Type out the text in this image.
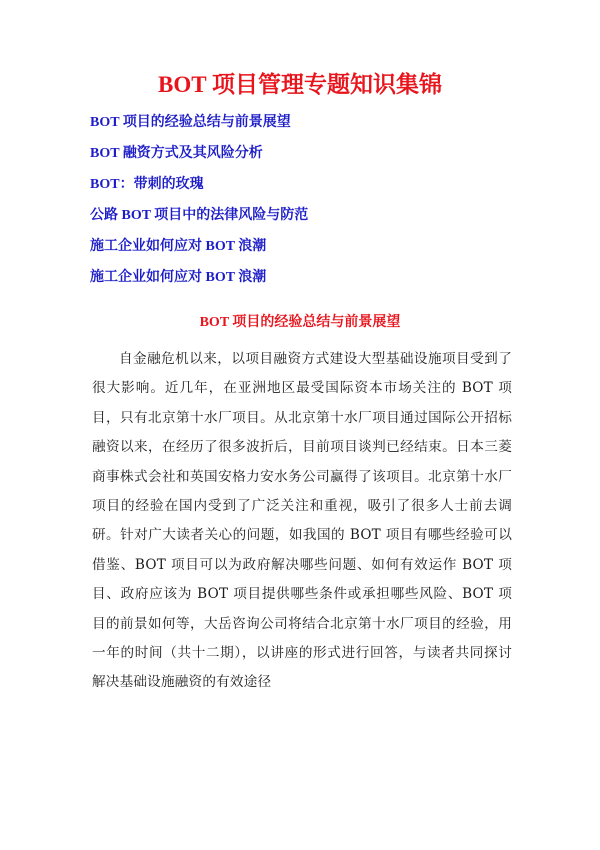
BOT 项目管理专题知识集锦
BOT 项目的经验总结与前景展望
BOT 融资方式及其风险分析
BOT：带刺的玫瑰
公路 BOT 项目中的法律风险与防范
施工企业如何应对 BOT 浪潮
施工企业如何应对 BOT 浪潮
BOT 项目的经验总结与前景展望

自金融危机以来，以项目融资方式建设大型基础设施项目受到了很大影响。近几年，在亚洲地区最受国际资本市场关注的 BOT 项目，只有北京第十水厂项目。从北京第十水厂项目通过国际公开招标融资以来，在经历了很多波折后，目前项目谈判已经结束。日本三菱商事株式会社和英国安格力安水务公司赢得了该项目。北京第十水厂项目的经验在国内受到了广泛关注和重视，吸引了很多人士前去调研。针对广大读者关心的问题，如我国的 BOT 项目有哪些经验可以借鉴、BOT 项目可以为政府解决哪些问题、如何有效运作 BOT 项目、政府应该为 BOT 项目提供哪些条件或承担哪些风险、BOT 项目的前景如何等，大岳咨询公司将结合北京第十水厂项目的经验，用一年的时间（共十二期），以讲座的形式进行回答，与读者共同探讨解决基础设施融资的有效途径
